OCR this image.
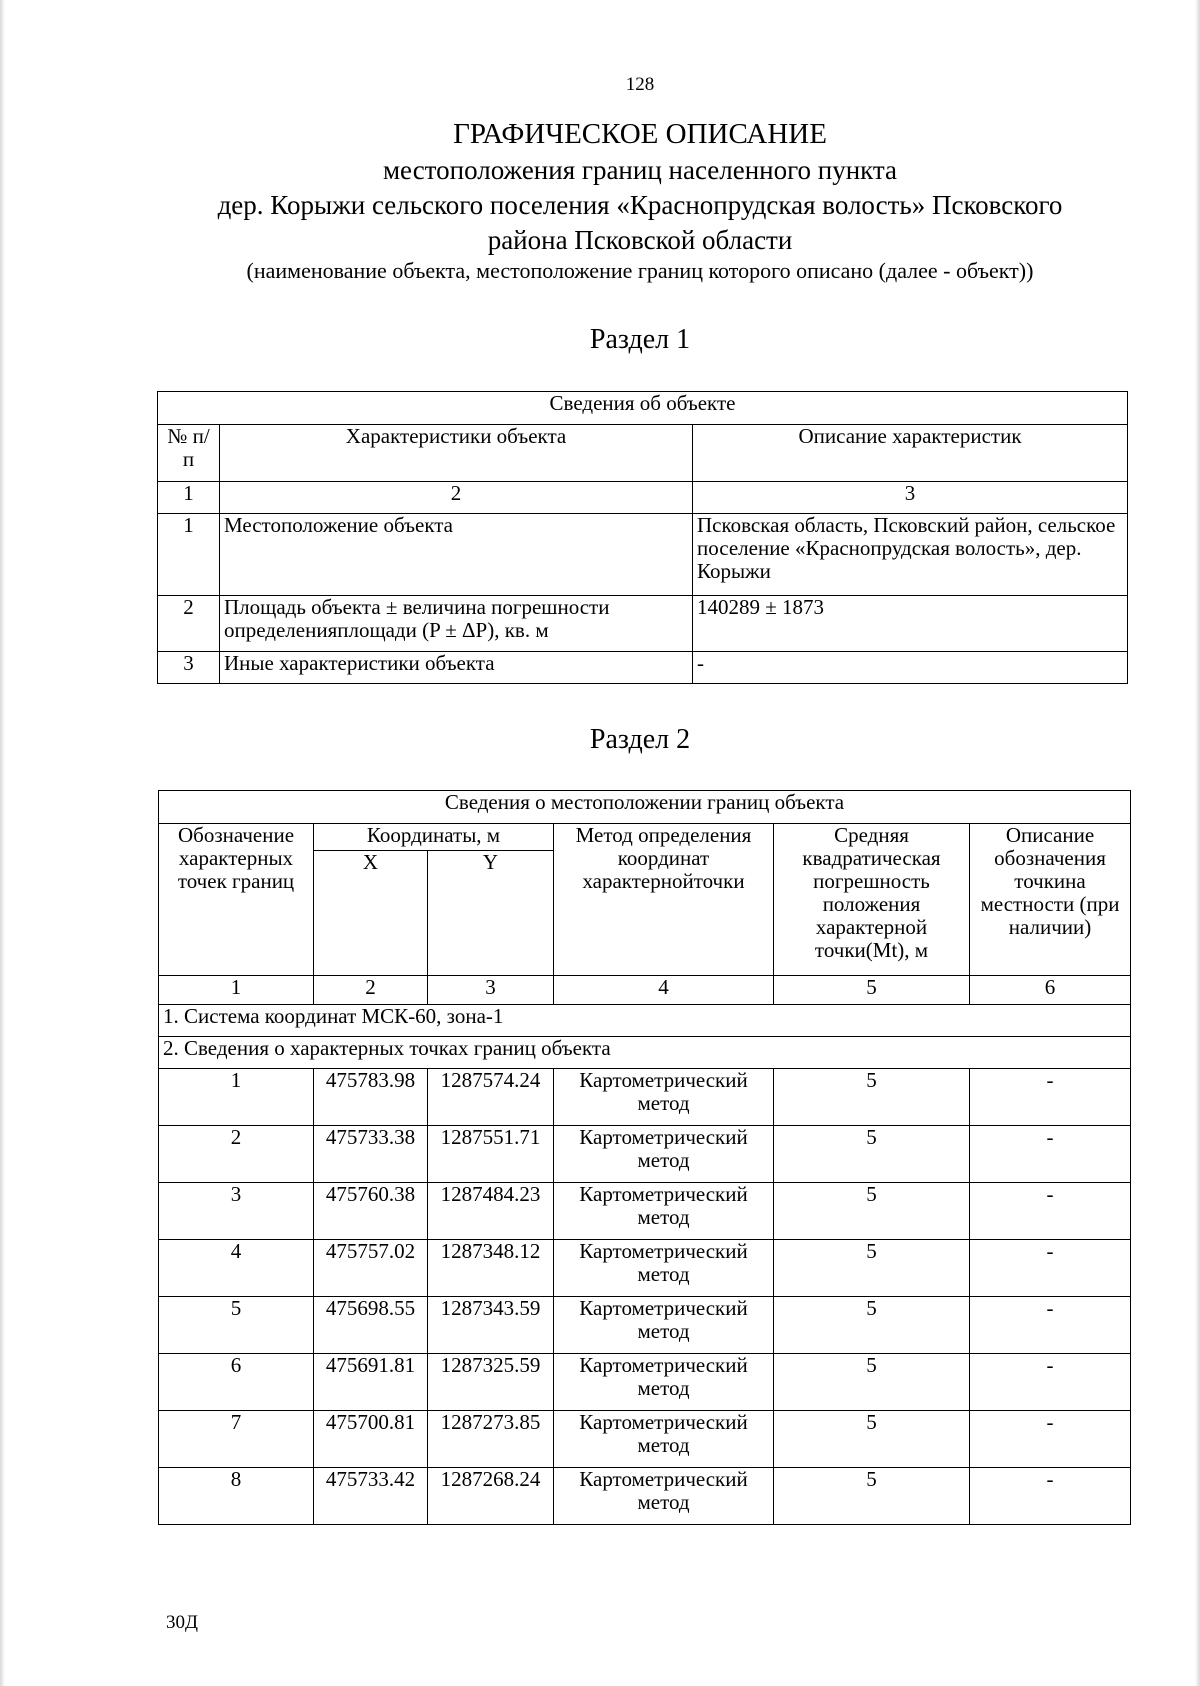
128
ГРАФИЧЕСКОЕ ОПИСАНИЕ
местоположения границ населенного пункта
дер. Корыжи сельского поселения «Краснопрудская волость» Псковского
района Псковской области
(наименование объекта, местоположение границ которого описано (далее - объект))
Раздел 1
Сведения об объекте		
№ п/п	Характеристики объекта	Описание характеристик
1	2	3
1	Местоположение объекта	Псковская область, Псковский район, сельское поселение «Краснопрудская волость», дер. Корыжи
2	Площадь объекта ± величина погрешности определенияплощади (P ± ΔP), кв. м	140289 ± 1873
3	Иные характеристики объекта	-
Раздел 2
Сведения о местоположении границ объекта					
Обозначение характерных точек границ	Координаты, м		Метод определения координат характернойточки	Средняя квадратическая погрешность положения характерной точки(Mt), м	Описание обозначения точкина местности (при наличии)
	X	Y			
1	2	3	4	5	6
1. Система координат МСК-60, зона-1					
2. Сведения о характерных точках границ объекта					
1	475783.98	1287574.24	Картометрический метод	5	-
2	475733.38	1287551.71	Картометрический метод	5	-
3	475760.38	1287484.23	Картометрический метод	5	-
4	475757.02	1287348.12	Картометрический метод	5	-
5	475698.55	1287343.59	Картометрический метод	5	-
6	475691.81	1287325.59	Картометрический метод	5	-
7	475700.81	1287273.85	Картометрический метод	5	-
8	475733.42	1287268.24	Картометрический метод	5	-
30Д
